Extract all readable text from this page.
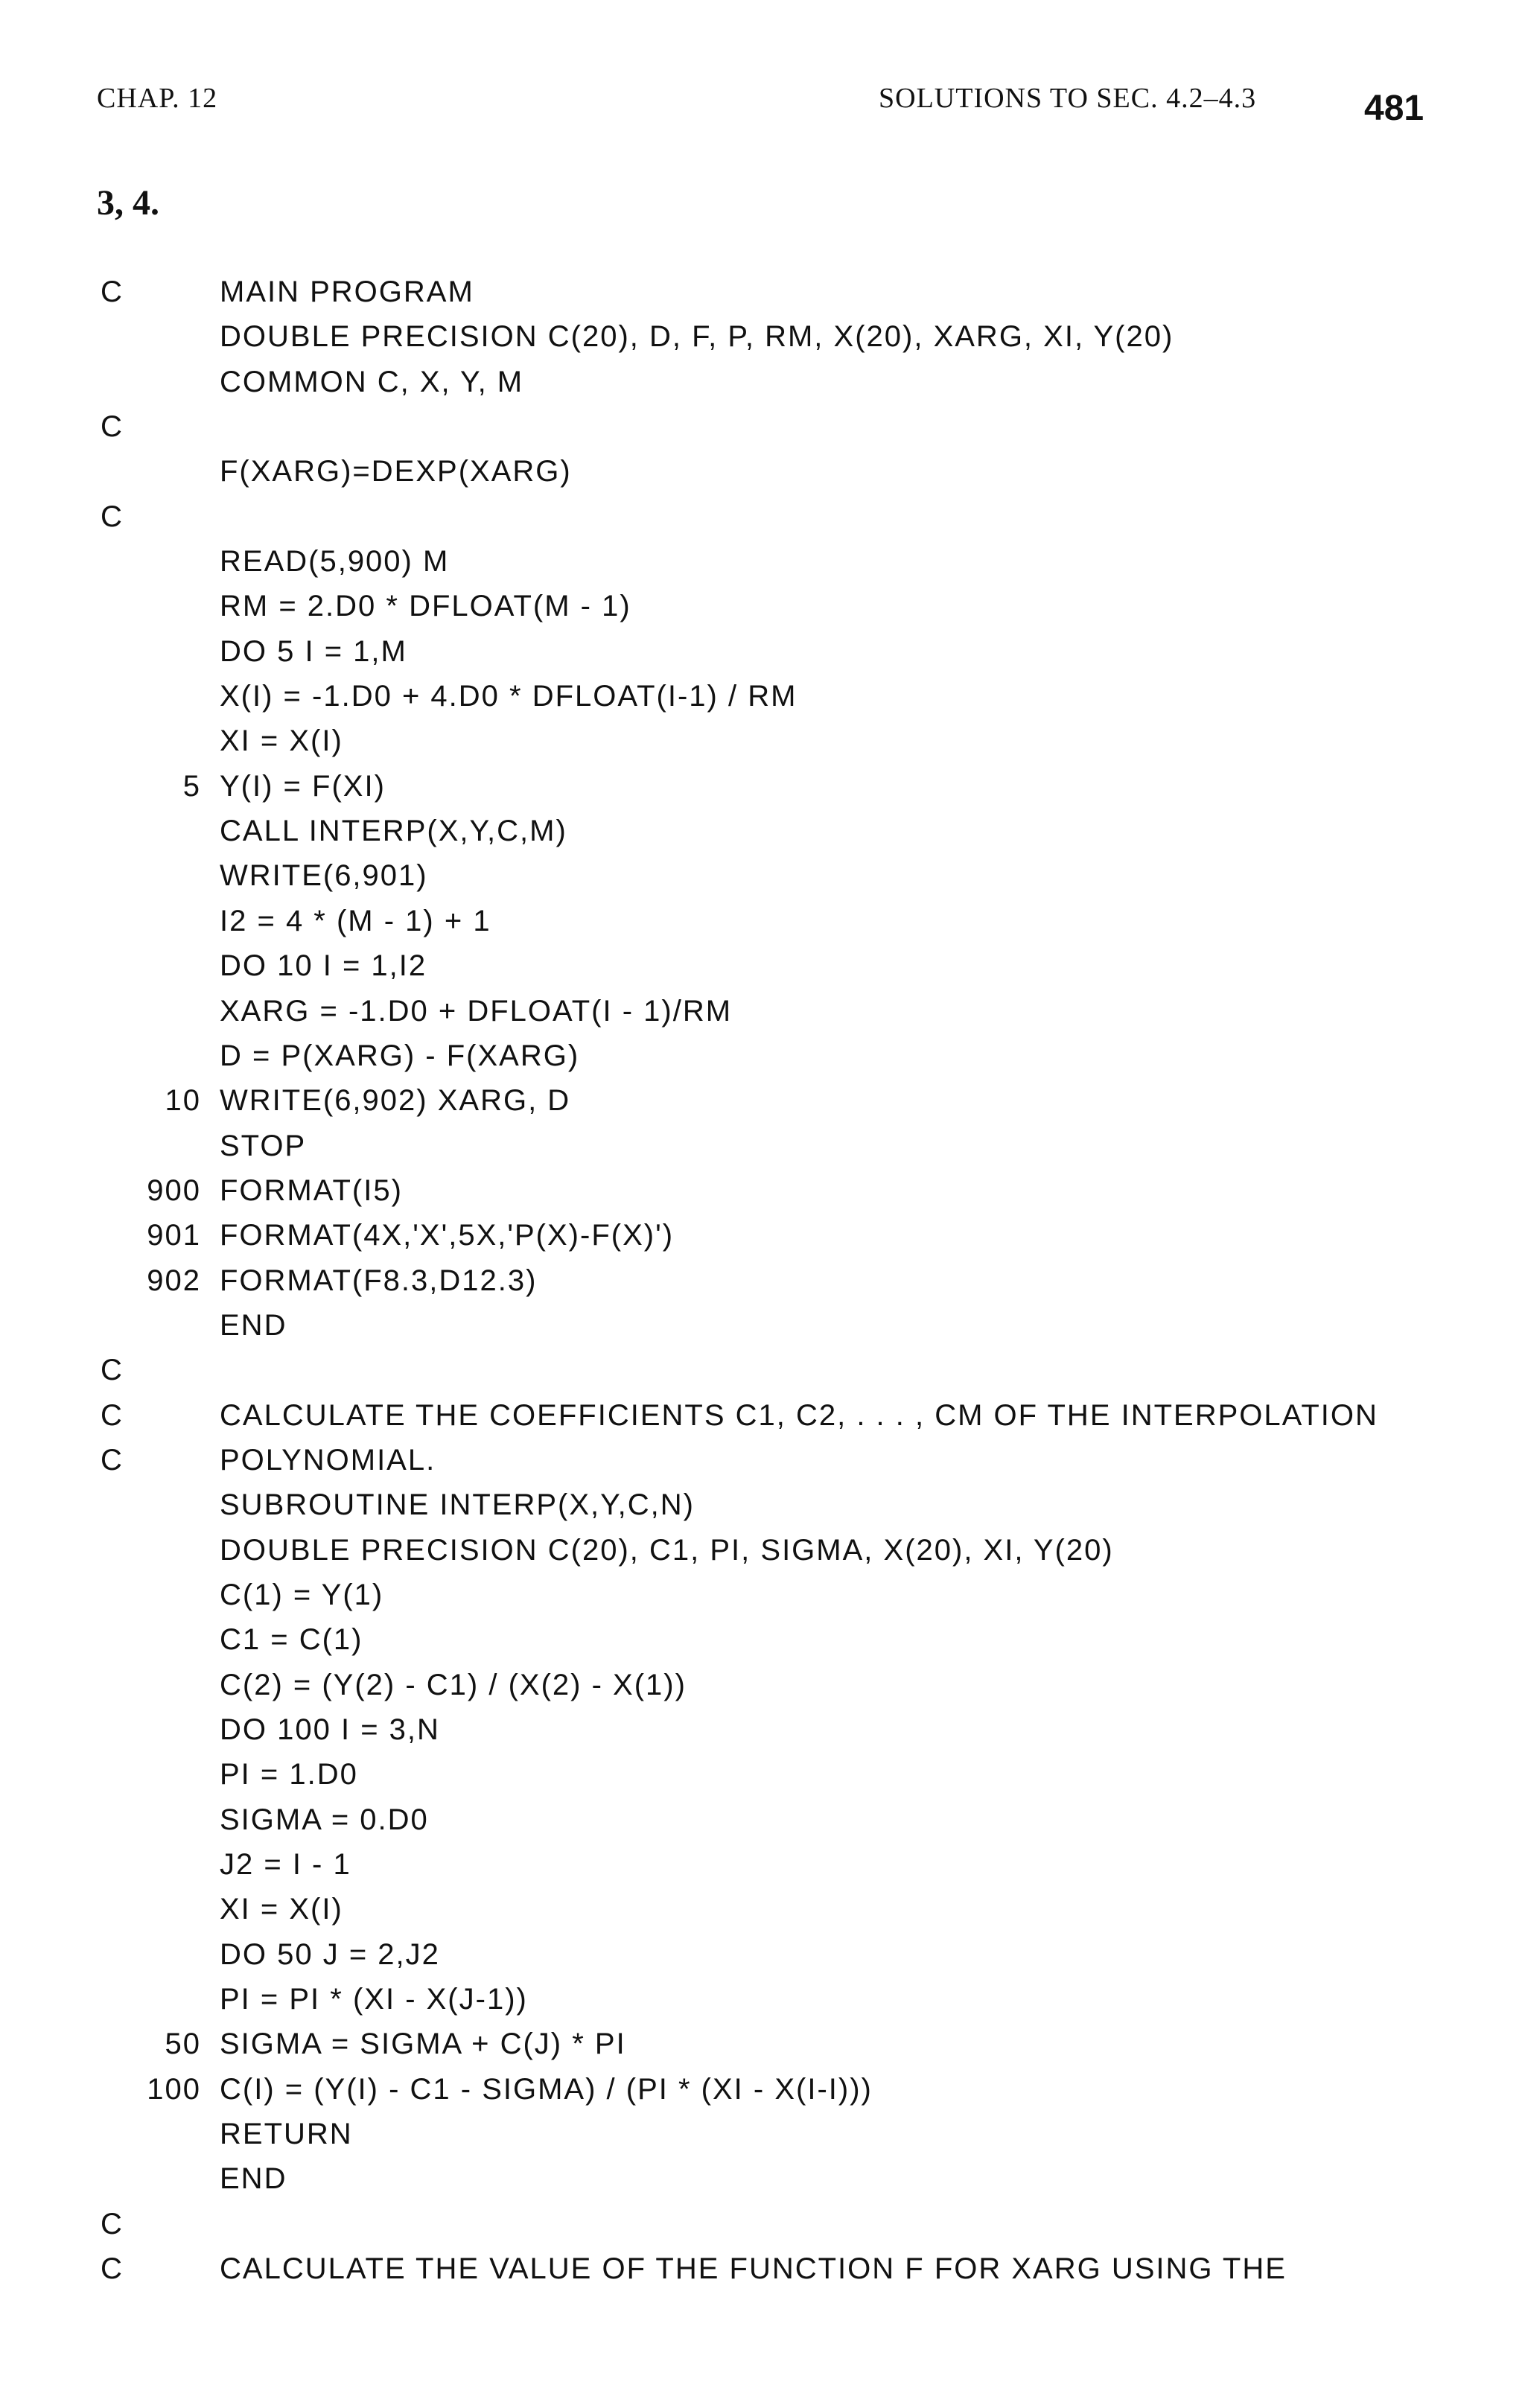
CHAP. 12	SOLUTIONS TO SEC. 4.2–4.3	481
3, 4.
C	MAIN PROGRAM
DOUBLE PRECISION C(20), D, F, P, RM, X(20), XARG, XI, Y(20)
COMMON C, X, Y, M
C
F(XARG)=DEXP(XARG)
C
READ(5,900) M
RM = 2.D0 * DFLOAT(M - 1)
DO 5 I = 1,M
X(I) = -1.D0 + 4.D0 * DFLOAT(I-1) / RM
XI = X(I)
5 Y(I) = F(XI)
CALL INTERP(X,Y,C,M)
WRITE(6,901)
I2 = 4 * (M - 1) + 1
DO 10 I = 1,I2
XARG = -1.D0 + DFLOAT(I - 1)/RM
D = P(XARG) - F(XARG)
10 WRITE(6,902) XARG, D
STOP
900 FORMAT(I5)
901 FORMAT(4X,'X',5X,'P(X)-F(X)')
902 FORMAT(F8.3,D12.3)
END
C
C	CALCULATE THE COEFFICIENTS C1, C2, . . . , CM OF THE INTERPOLATION
C	POLYNOMIAL.
SUBROUTINE INTERP(X,Y,C,N)
DOUBLE PRECISION C(20), C1, PI, SIGMA, X(20), XI, Y(20)
C(1) = Y(1)
C1 = C(1)
C(2) = (Y(2) - C1) / (X(2) - X(1))
DO 100 I = 3,N
PI = 1.D0
SIGMA = 0.D0
J2 = I - 1
XI = X(I)
DO 50 J = 2,J2
PI = PI * (XI - X(J-1))
50 SIGMA = SIGMA + C(J) * PI
100 C(I) = (Y(I) - C1 - SIGMA) / (PI * (XI - X(I-I)))
RETURN
END
C
C	CALCULATE THE VALUE OF THE FUNCTION F FOR XARG USING THE
